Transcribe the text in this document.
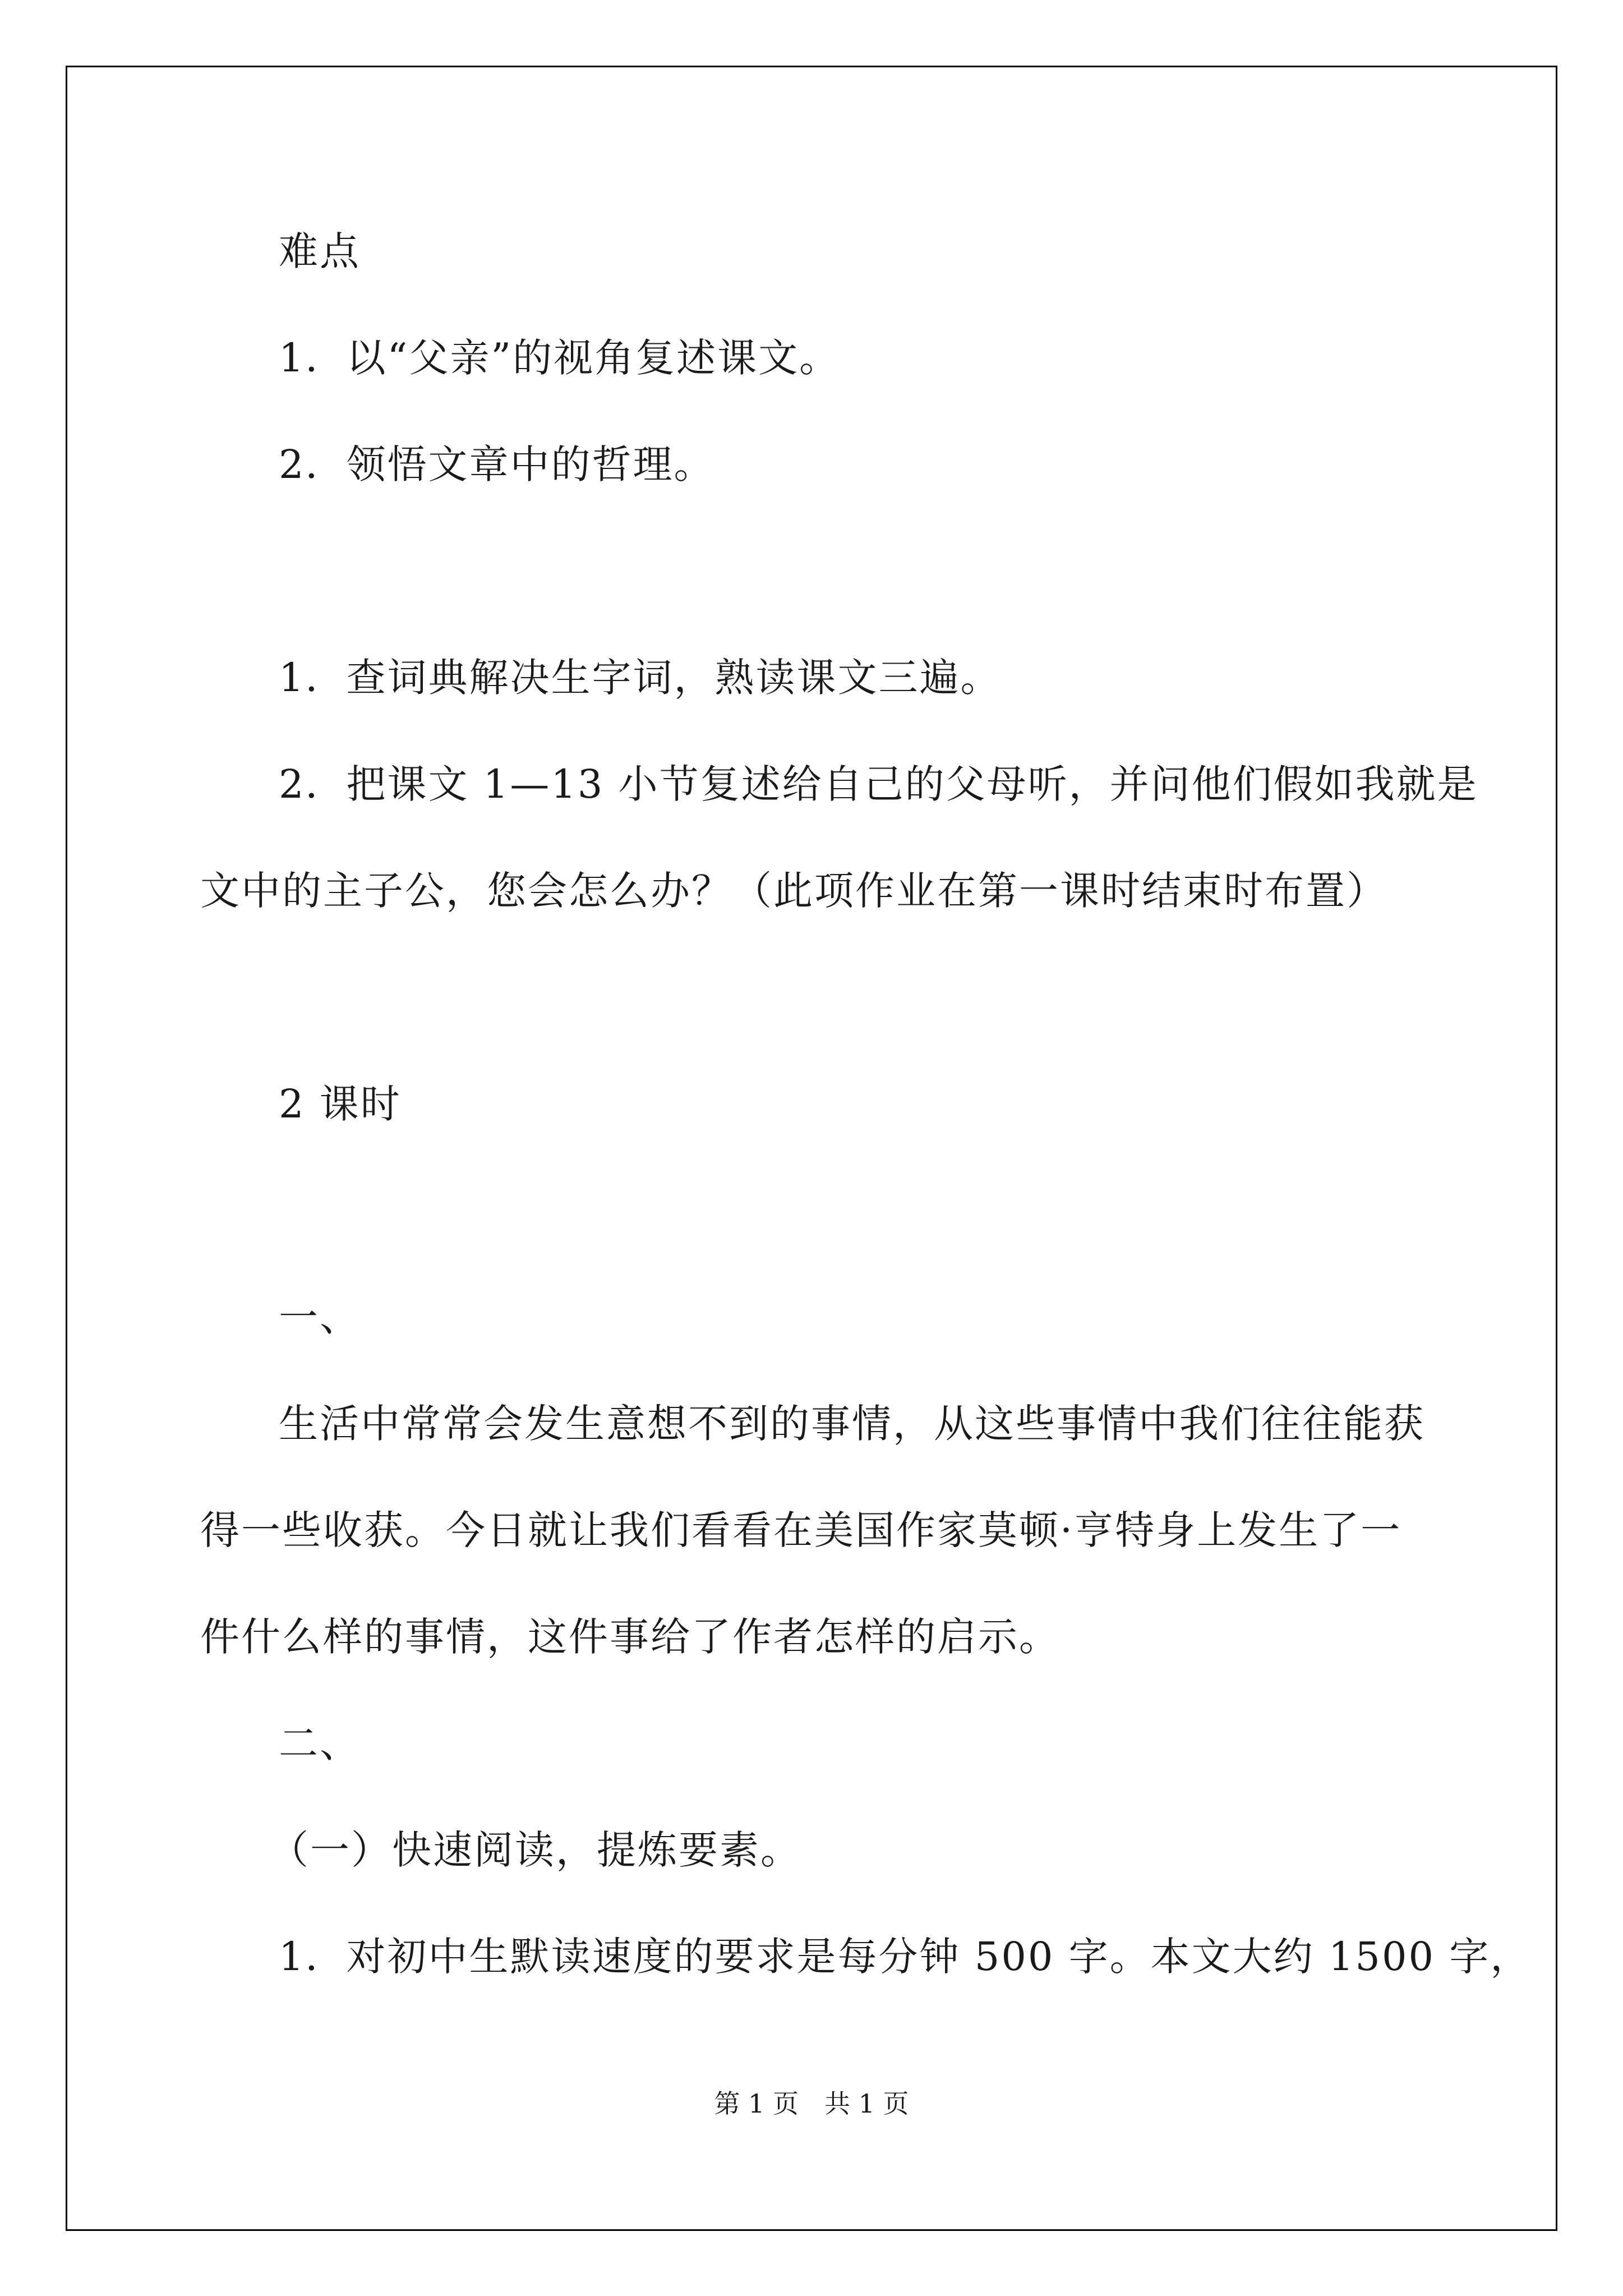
难点
1．以“父亲”的视角复述课文。
2．领悟文章中的哲理。
1．查词典解决生字词，熟读课文三遍。
2．把课文 1—13 小节复述给自己的父母听，并问他们假如我就是
文中的主子公，您会怎么办？（此项作业在第一课时结束时布置）
2 课时
一、
生活中常常会发生意想不到的事情，从这些事情中我们往往能获
得一些收获。今日就让我们看看在美国作家莫顿·亨特身上发生了一
件什么样的事情，这件事给了作者怎样的启示。
二、
（一）快速阅读，提炼要素。
1．对初中生默读速度的要求是每分钟 500 字。本文大约 1500 字，
第 1 页　共 1 页
